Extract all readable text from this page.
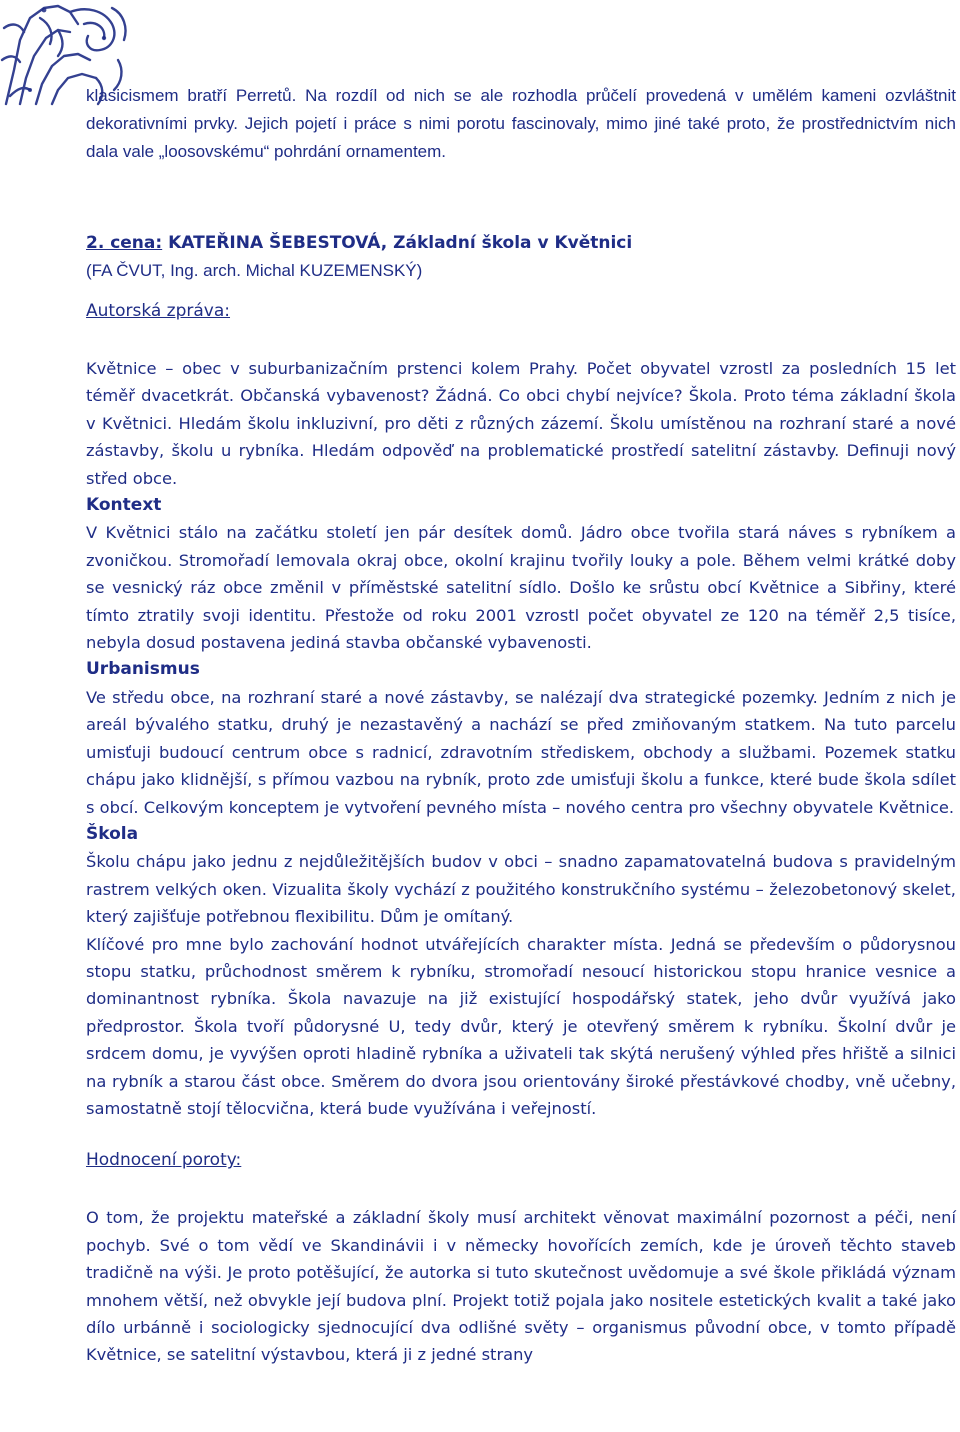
klasicismem bratří Perretů. Na rozdíl od nich se ale rozhodla průčelí provedená v umělém kameni ozvláštnit dekorativními prvky. Jejich pojetí i práce s nimi porotu fascinovaly, mimo jiné také proto, že prostřednictvím nich dala vale „loosovskému“ pohrdání ornamentem.

2. cena: KATEŘINA ŠEBESTOVÁ, Základní škola v Květnici
(FA ČVUT, Ing. arch. Michal KUZEMENSKÝ)
Autorská zpráva:

Květnice – obec v suburbanizačním prstenci kolem Prahy. Počet obyvatel vzrostl za posledních 15 let téměř dvacetkrát. Občanská vybavenost? Žádná. Co obci chybí nejvíce? Škola. Proto téma základní škola v Květnici. Hledám školu inkluzivní, pro děti z různých zázemí. Školu umístěnou na rozhraní staré a nové zástavby, školu u rybníka. Hledám odpověď na problematické prostředí satelitní zástavby. Definuji nový střed obce.

Kontext

V Květnici stálo na začátku století jen pár desítek domů. Jádro obce tvořila stará náves s rybníkem a zvoničkou. Stromořadí lemovala okraj obce, okolní krajinu tvořily louky a pole. Během velmi krátké doby se vesnický ráz obce změnil v příměstské satelitní sídlo. Došlo ke srůstu obcí Květnice a Sibřiny, které tímto ztratily svoji identitu. Přestože od roku 2001 vzrostl počet obyvatel ze 120 na téměř 2,5 tisíce, nebyla dosud postavena jediná stavba občanské vybavenosti.

Urbanismus

Ve středu obce, na rozhraní staré a nové zástavby, se nalézají dva strategické pozemky. Jedním z nich je areál bývalého statku, druhý je nezastavěný a nachází se před zmiňovaným statkem. Na tuto parcelu umisťuji budoucí centrum obce s radnicí, zdravotním střediskem, obchody a službami. Pozemek statku chápu jako klidnější, s přímou vazbou na rybník, proto zde umisťuji školu a funkce, které bude škola sdílet s obcí. Celkovým konceptem je vytvoření pevného místa – nového centra pro všechny obyvatele Květnice.

Škola

Školu chápu jako jednu z nejdůležitějších budov v obci – snadno zapamatovatelná budova s pravidelným rastrem velkých oken. Vizualita školy vychází z použitého konstrukčního systému – železobetonový skelet, který zajišťuje potřebnou flexibilitu. Dům je omítaný.

Klíčové pro mne bylo zachování hodnot utvářejících charakter místa. Jedná se především o půdorysnou stopu statku, průchodnost směrem k rybníku, stromořadí nesoucí historickou stopu hranice vesnice a dominantnost rybníka. Škola navazuje na již existující hospodářský statek, jeho dvůr využívá jako předprostor. Škola tvoří půdorysné U, tedy dvůr, který je otevřený směrem k rybníku. Školní dvůr je srdcem domu, je vyvýšen oproti hladině rybníka a uživateli tak skýtá nerušený výhled přes hřiště a silnici na rybník a starou část obce. Směrem do dvora jsou orientovány široké přestávkové chodby, vně učebny, samostatně stojí tělocvična, která bude využívána i veřejností.

Hodnocení poroty:

O tom, že projektu mateřské a základní školy musí architekt věnovat maximální pozornost a péči, není pochyb. Své o tom vědí ve Skandinávii i v německy hovořících zemích, kde je úroveň těchto staveb tradičně na výši. Je proto potěšující, že autorka si tuto skutečnost uvědomuje a své škole přikládá význam mnohem větší, než obvykle její budova plní. Projekt totiž pojala jako nositele estetických kvalit a také jako dílo urbánně i sociologicky sjednocující dva odlišné světy – organismus původní obce, v tomto případě Květnice, se satelitní výstavbou, která ji z jedné strany
